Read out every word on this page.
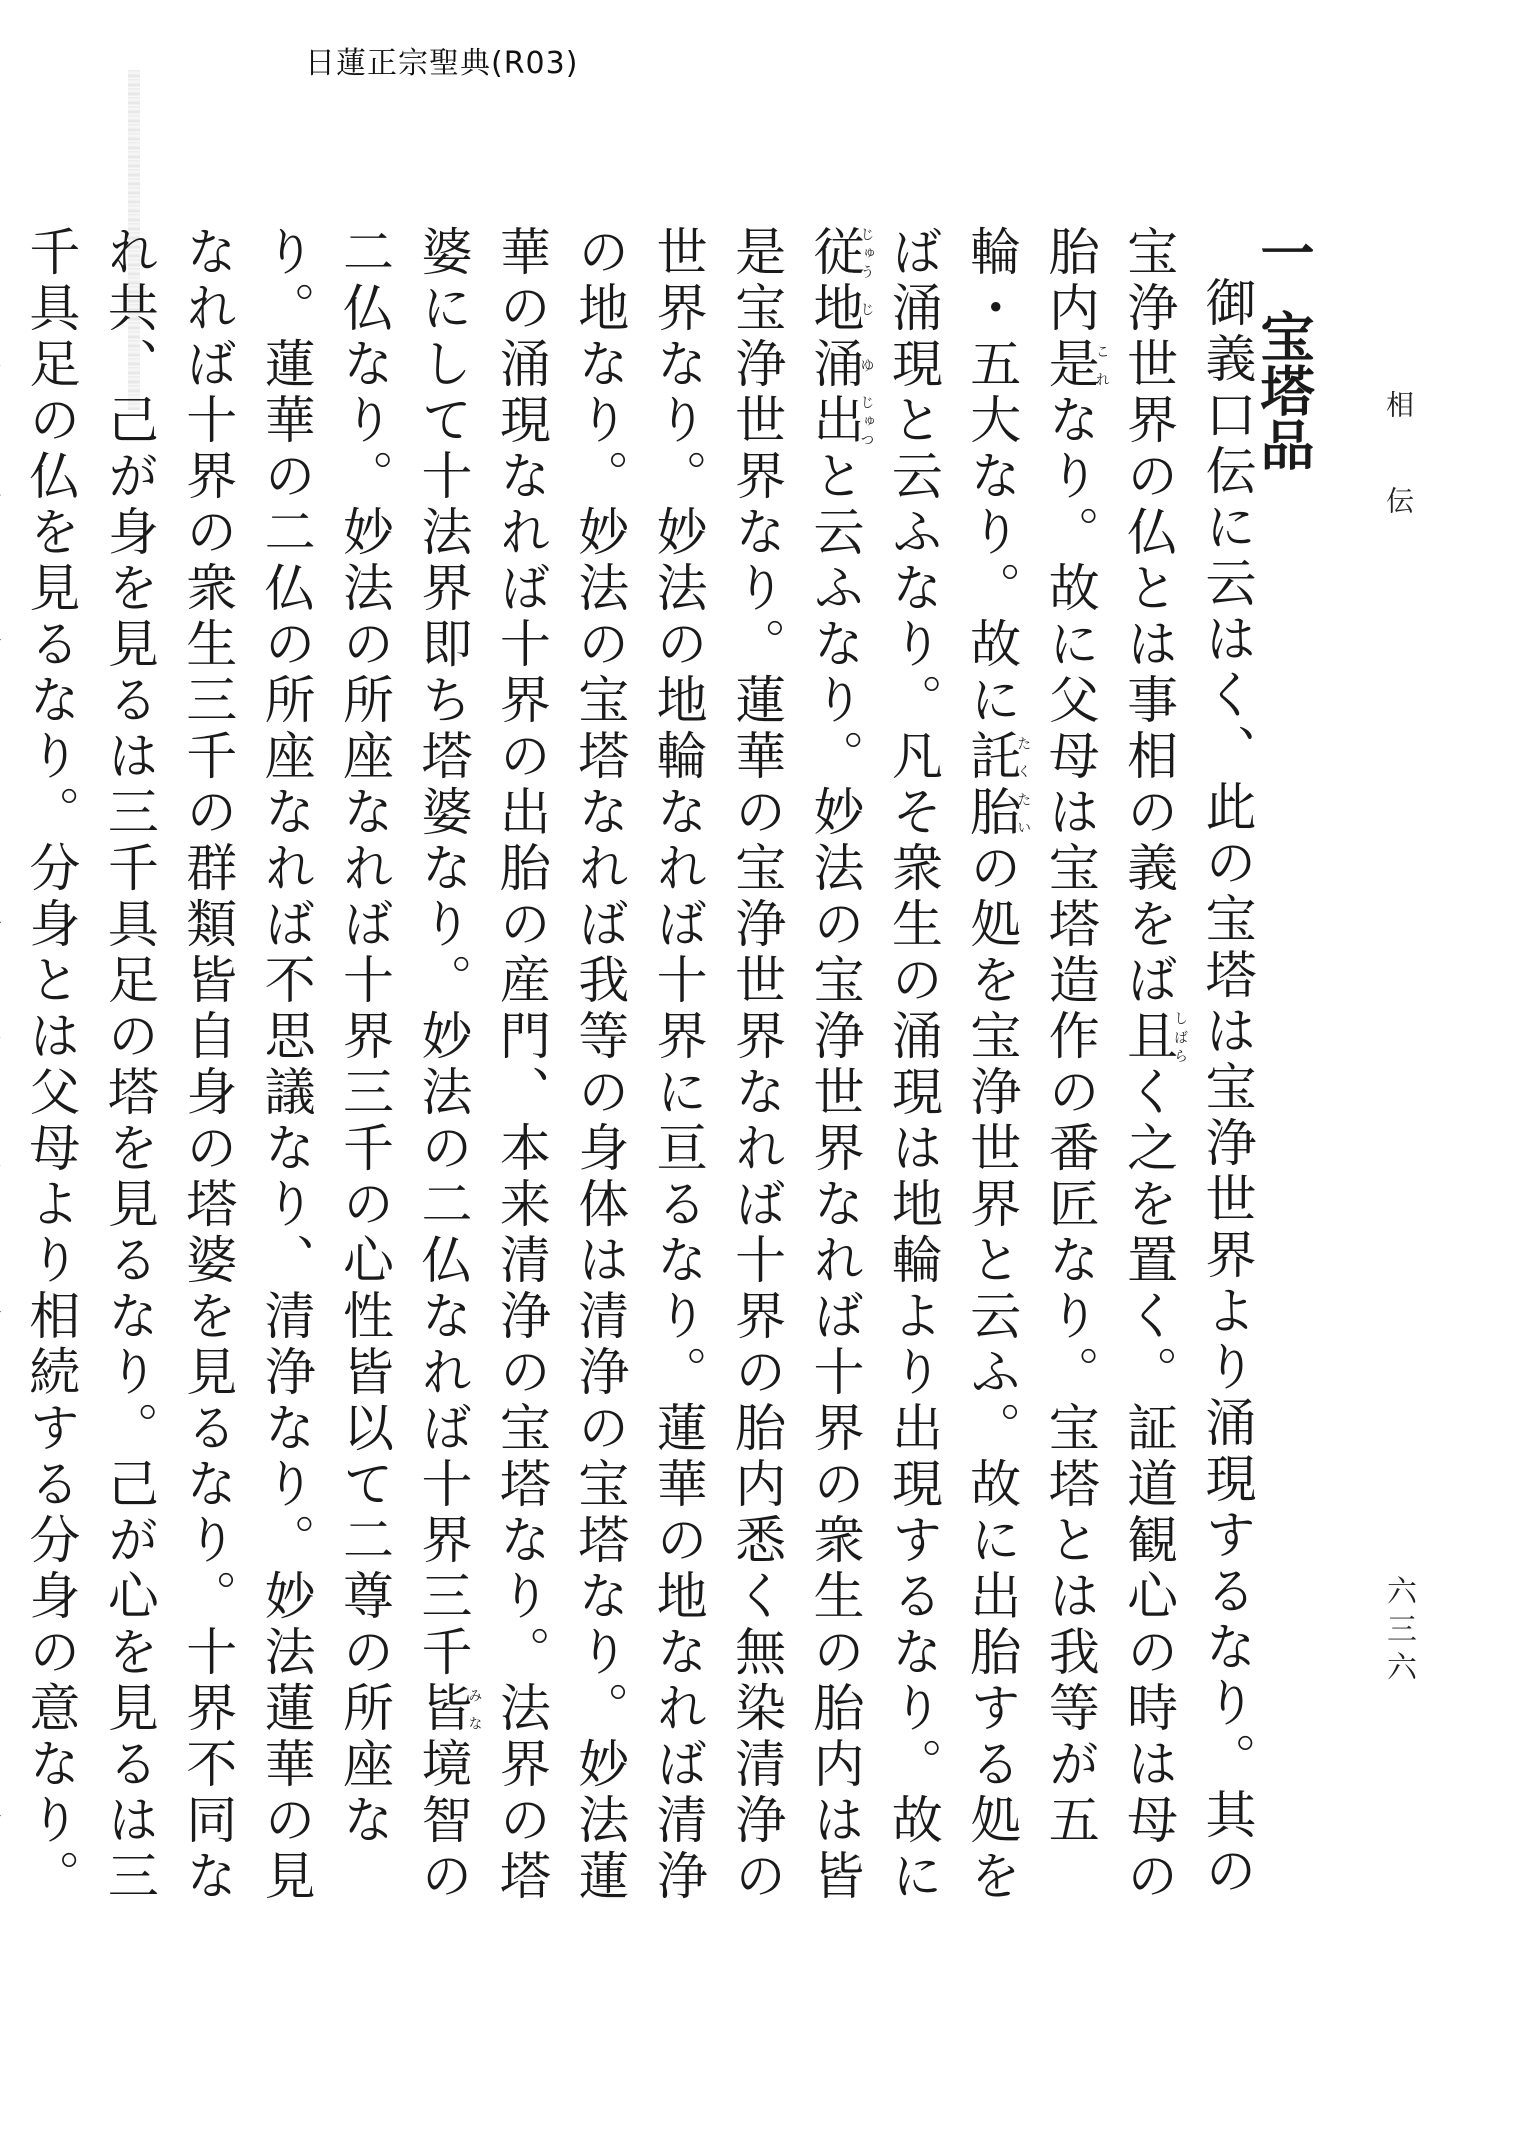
日蓮正宗聖典(R03)
相伝
六三六
一宝塔品

御義口伝に云はく、此の宝塔は宝浄世界より涌現するなり。其の宝浄世界の仏とは事相の義をば且しばらく之を置く。証道観心の時は母の胎内是これなり。故に父母は宝塔造作の番匠なり。宝塔とは我等が五輪・五大なり。故に託胎たくたいの処を宝浄世界と云ふ。故に出胎する処をば涌現と云ふなり。凡そ衆生の涌現は地輪より出現するなり。故に従じゅう地じ涌ゆ出じゅつと云ふなり。妙法の宝浄世界なれば十界の衆生の胎内は皆是宝浄世界なり。蓮華の宝浄世界なれば十界の胎内悉く無染清浄の世界なり。妙法の地輪なれば十界に亘るなり。蓮華の地なれば清浄の地なり。妙法の宝塔なれば我等の身体は清浄の宝塔なり。妙法蓮華の涌現なれば十界の出胎の産門、本来清浄の宝塔なり。法界の塔婆にして十法界即ち塔婆なり。妙法の二仏なれば十界三千皆みな境智の二仏なり。妙法の所座なれば十界三千の心性皆以て二尊の所座なり。蓮華の二仏の所座なれば不思議なり、清浄なり。妙法蓮華の見なれば十界の衆生三千の群類皆自身の塔婆を見るなり。十界不同なれ共、己が身を見るは三千具足の塔を見るなり。己が心を見るは三千具足の仏を見るなり。分身とは父母より相続する分身の意なり。
